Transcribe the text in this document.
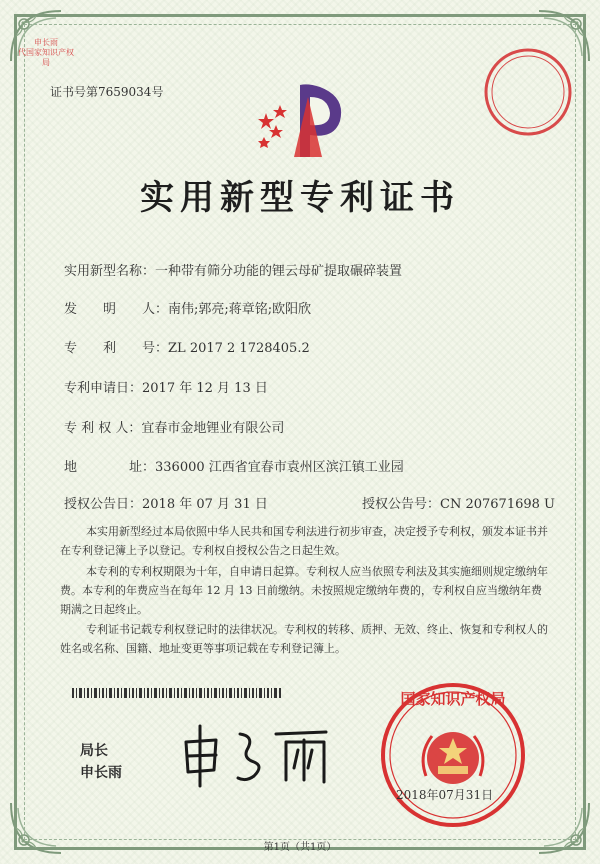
证书号第7659034号
申长雨
代国家知识产权局
实用新型专利证书
实用新型名称：一种带有筛分功能的锂云母矿提取碾碎装置
发　　明　　人：南伟;郭亮;蒋章铭;欧阳欣
专　　利　　号：ZL 2017 2 1728405.2
专利申请日：2017 年 12 月 13 日
专 利 权 人：宜春市金地锂业有限公司
地　　　　址：336000 江西省宜春市袁州区滨江镇工业园
授权公告日：2018 年 07 月 31 日	授权公告号：CN 207671698 U
本实用新型经过本局依照中华人民共和国专利法进行初步审查，决定授予专利权，颁发本证书并在专利登记簿上予以登记。专利权自授权公告之日起生效。
本专利的专利权期限为十年，自申请日起算。专利权人应当依照专利法及其实施细则规定缴纳年费。本专利的年费应当在每年 12 月 13 日前缴纳。未按照规定缴纳年费的，专利权自应当缴纳年费期满之日起终止。
专利证书记载专利权登记时的法律状况。专利权的转移、质押、无效、终止、恢复和专利权人的姓名或名称、国籍、地址变更等事项记载在专利登记簿上。
局长
申长雨
国家知识产权局
2018年07月31日
第1页（共1页）
